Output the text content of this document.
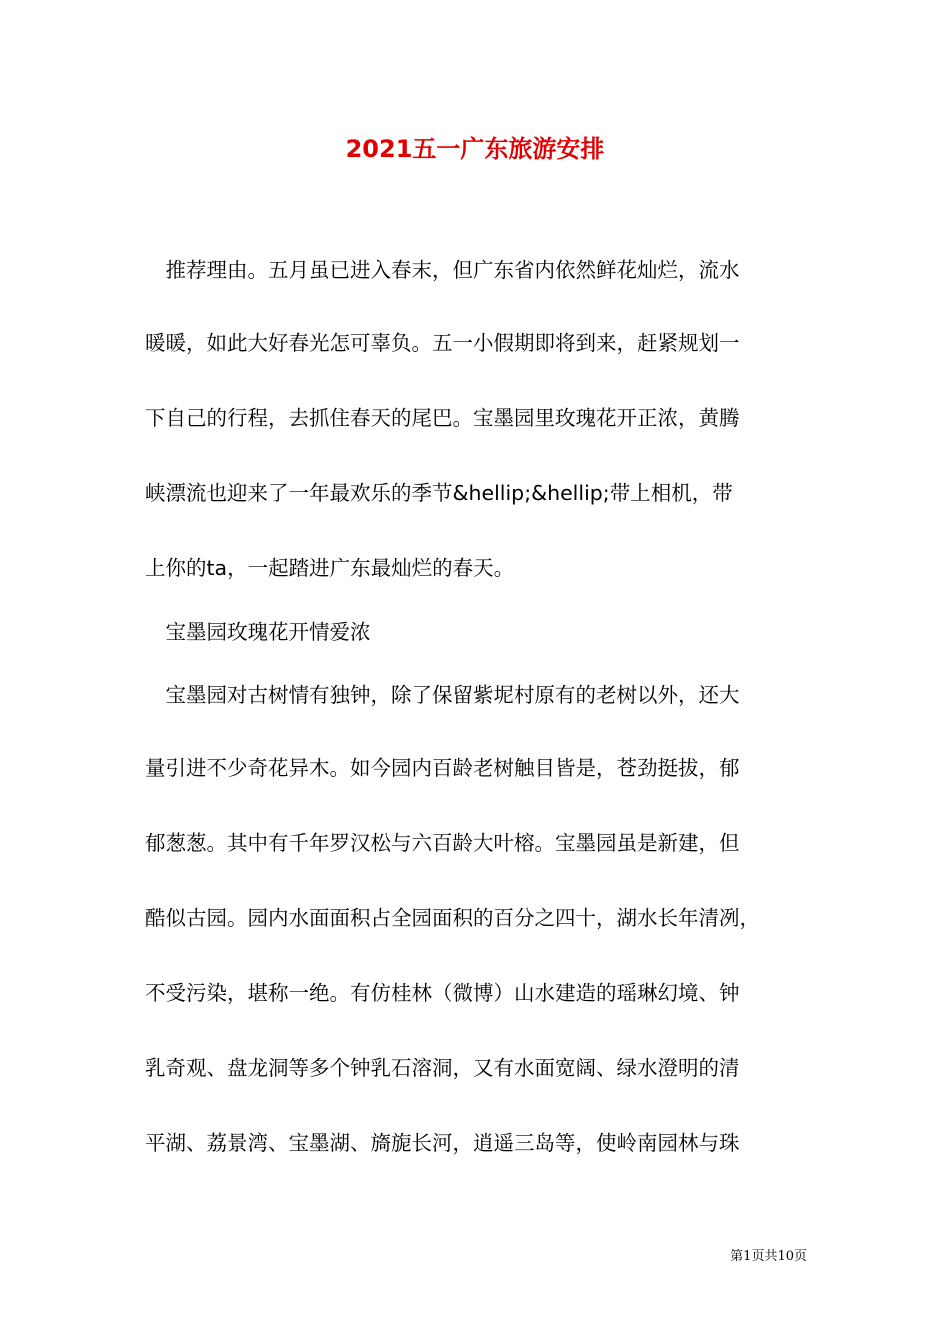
2021五一广东旅游安排

　推荐理由。五月虽已进入春末，但广东省内依然鲜花灿烂，流水

暖暖，如此大好春光怎可辜负。五一小假期即将到来，赶紧规划一

下自己的行程，去抓住春天的尾巴。宝墨园里玫瑰花开正浓，黄腾

峡漂流也迎来了一年最欢乐的季节&hellip;&hellip;带上相机，带

上你的ta，一起踏进广东最灿烂的春天。

　宝墨园玫瑰花开情爱浓

　宝墨园对古树情有独钟，除了保留紫坭村原有的老树以外，还大

量引进不少奇花异木。如今园内百龄老树触目皆是，苍劲挺拔，郁

郁葱葱。其中有千年罗汉松与六百龄大叶榕。宝墨园虽是新建，但

酷似古园。园内水面面积占全园面积的百分之四十，湖水长年清冽，

不受污染，堪称一绝。有仿桂林（微博）山水建造的瑶琳幻境、钟

乳奇观、盘龙洞等多个钟乳石溶洞，又有水面宽阔、绿水澄明的清

平湖、荔景湾、宝墨湖、旖旎长河，逍遥三岛等，使岭南园林与珠

第1页共10页
